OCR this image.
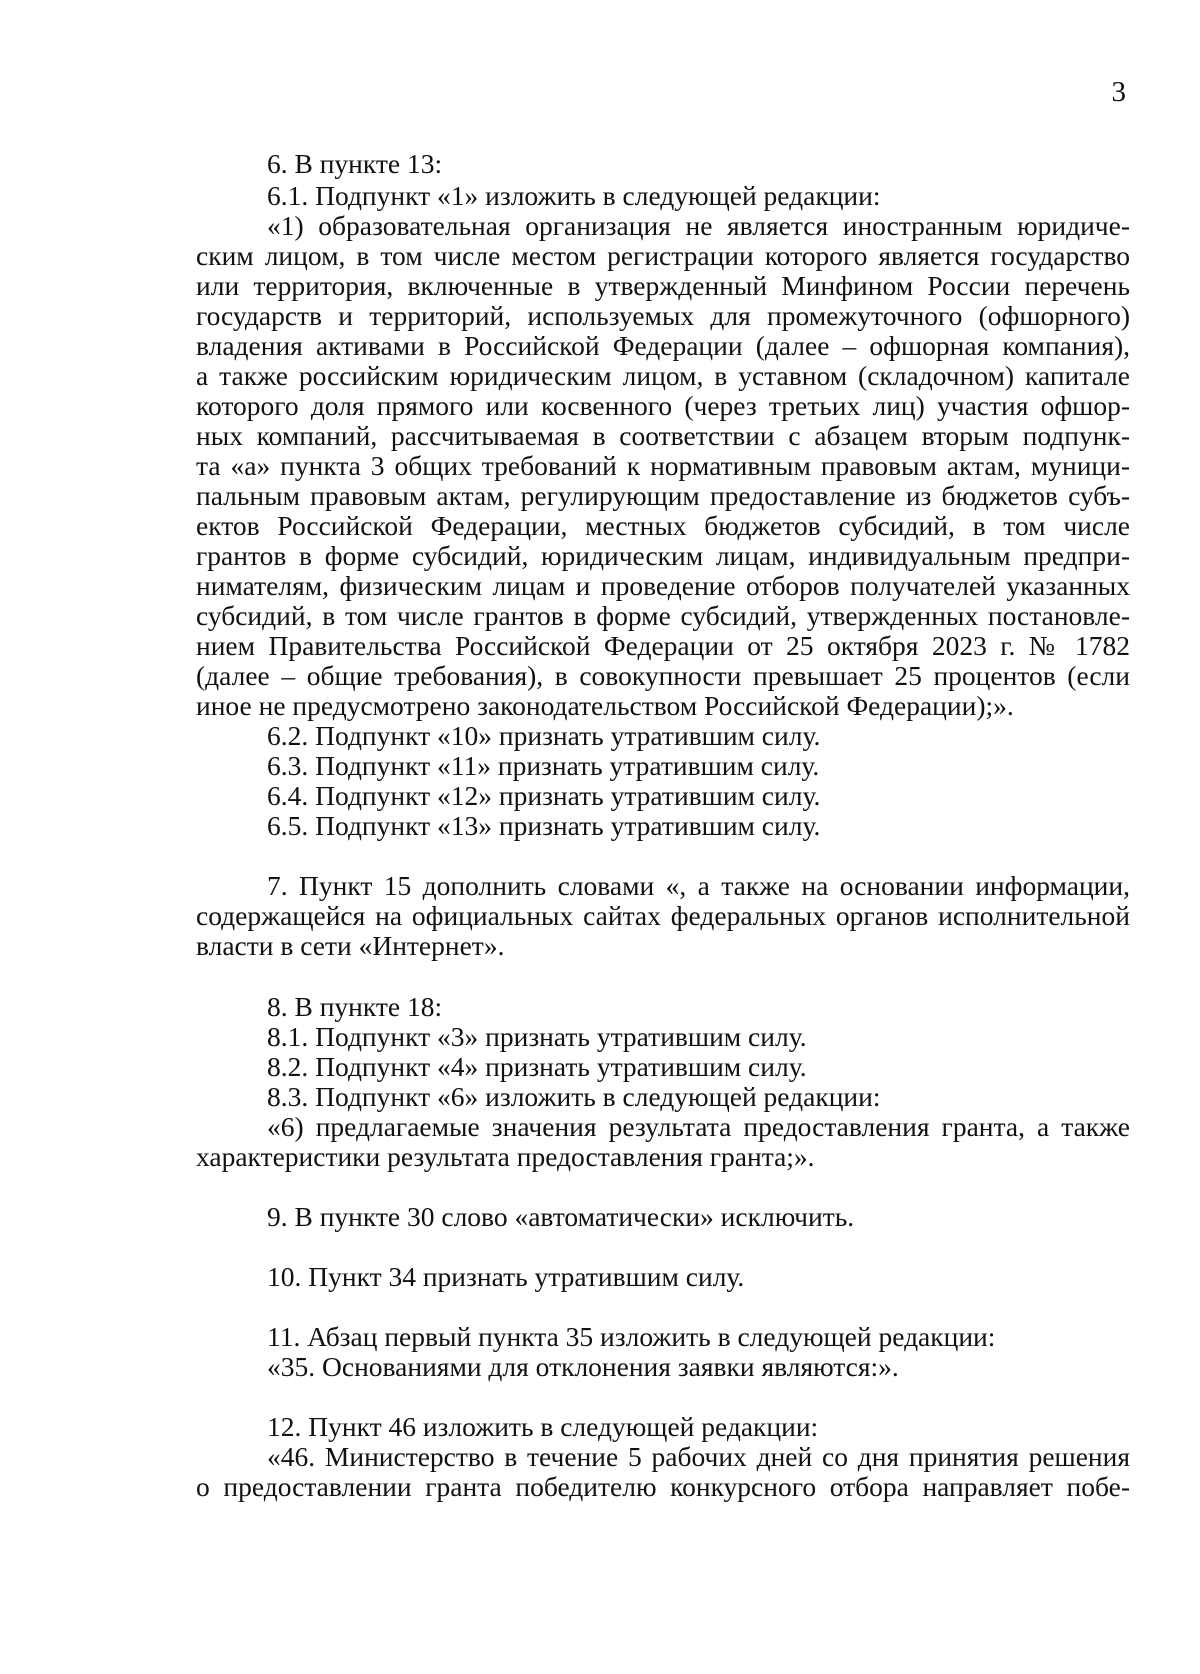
3
6. В пункте 13:
6.1. Подпункт «1» изложить в следующей редакции:
«1) образовательная организация не является иностранным юридиче-
ским лицом, в том числе местом регистрации которого является государство
или территория, включенные в утвержденный Минфином России перечень
государств и территорий, используемых для промежуточного (офшорного)
владения активами в Российской Федерации (далее – офшорная компания),
а также российским юридическим лицом, в уставном (складочном) капитале
которого доля прямого или косвенного (через третьих лиц) участия офшор-
ных компаний, рассчитываемая в соответствии с абзацем вторым подпунк-
та «а» пункта 3 общих требований к нормативным правовым актам, муници-
пальным правовым актам, регулирующим предоставление из бюджетов субъ-
ектов Российской Федерации, местных бюджетов субсидий, в том числе
грантов в форме субсидий, юридическим лицам, индивидуальным предпри-
нимателям, физическим лицам и проведение отборов получателей указанных
субсидий, в том числе грантов в форме субсидий, утвержденных постановле-
нием Правительства Российской Федерации от 25 октября 2023 г. № 1782
(далее – общие требования), в совокупности превышает 25 процентов (если
иное не предусмотрено законодательством Российской Федерации);».
6.2. Подпункт «10» признать утратившим силу.
6.3. Подпункт «11» признать утратившим силу.
6.4. Подпункт «12» признать утратившим силу.
6.5. Подпункт «13» признать утратившим силу.
7. Пункт 15 дополнить словами «, а также на основании информации,
содержащейся на официальных сайтах федеральных органов исполнительной
власти в сети «Интернет».
8. В пункте 18:
8.1. Подпункт «3» признать утратившим силу.
8.2. Подпункт «4» признать утратившим силу.
8.3. Подпункт «6» изложить в следующей редакции:
«6) предлагаемые значения результата предоставления гранта, а также
характеристики результата предоставления гранта;».
9. В пункте 30 слово «автоматически» исключить.
10. Пункт 34 признать утратившим силу.
11. Абзац первый пункта 35 изложить в следующей редакции:
«35. Основаниями для отклонения заявки являются:».
12. Пункт 46 изложить в следующей редакции:
«46. Министерство в течение 5 рабочих дней со дня принятия решения
о предоставлении гранта победителю конкурсного отбора направляет побе-
